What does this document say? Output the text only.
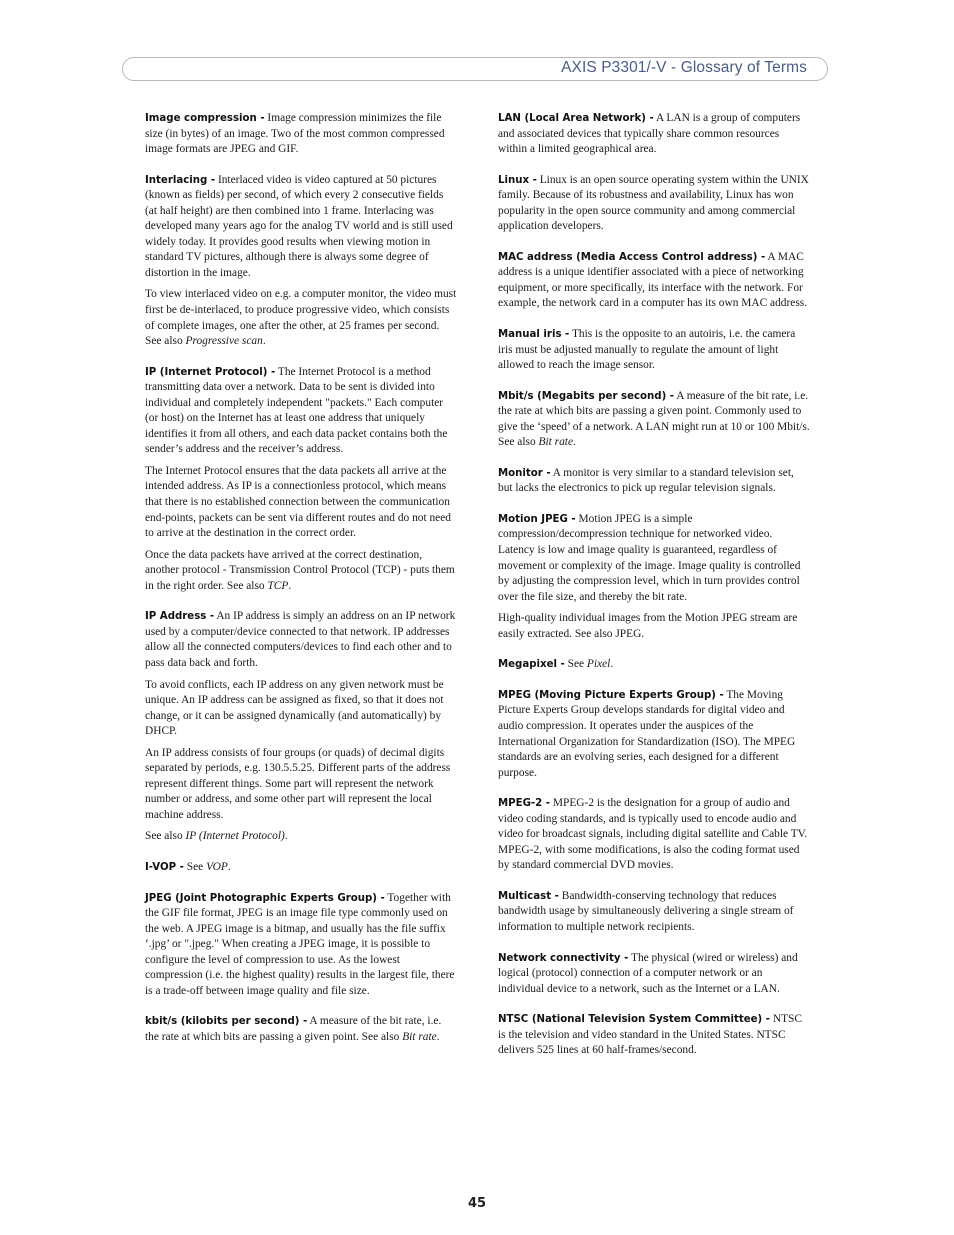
AXIS P3301/-V - Glossary of Terms

Image compression - Image compression minimizes the file size (in bytes) of an image. Two of the most common compressed image formats are JPEG and GIF.

Interlacing - Interlaced video is video captured at 50 pictures (known as fields) per second, of which every 2 consecutive fields (at half height) are then combined into 1 frame. Interlacing was developed many years ago for the analog TV world and is still used widely today. It provides good results when viewing motion in standard TV pictures, although there is always some degree of distortion in the image.

To view interlaced video on e.g. a computer monitor, the video must first be de-interlaced, to produce progressive video, which consists of complete images, one after the other, at 25 frames per second. See also Progressive scan.

IP (Internet Protocol) - The Internet Protocol is a method transmitting data over a network. Data to be sent is divided into individual and completely independent "packets." Each computer (or host) on the Internet has at least one address that uniquely identifies it from all others, and each data packet contains both the sender’s address and the receiver’s address.

The Internet Protocol ensures that the data packets all arrive at the intended address. As IP is a connectionless protocol, which means that there is no established connection between the communication end-points, packets can be sent via different routes and do not need to arrive at the destination in the correct order.

Once the data packets have arrived at the correct destination, another protocol - Transmission Control Protocol (TCP) - puts them in the right order. See also TCP.

IP Address - An IP address is simply an address on an IP network used by a computer/device connected to that network. IP addresses allow all the connected computers/devices to find each other and to pass data back and forth.

To avoid conflicts, each IP address on any given network must be unique. An IP address can be assigned as fixed, so that it does not change, or it can be assigned dynamically (and automatically) by DHCP.

An IP address consists of four groups (or quads) of decimal digits separated by periods, e.g. 130.5.5.25. Different parts of the address represent different things. Some part will represent the network number or address, and some other part will represent the local machine address.

See also IP (Internet Protocol).

I-VOP - See VOP.

JPEG (Joint Photographic Experts Group) - Together with the GIF file format, JPEG is an image file type commonly used on the web. A JPEG image is a bitmap, and usually has the file suffix ‘.jpg’ or ".jpeg." When creating a JPEG image, it is possible to configure the level of compression to use. As the lowest compression (i.e. the highest quality) results in the largest file, there is a trade-off between image quality and file size.

kbit/s (kilobits per second) - A measure of the bit rate, i.e. the rate at which bits are passing a given point. See also Bit rate.

LAN (Local Area Network) - A LAN is a group of computers and associated devices that typically share common resources within a limited geographical area.

Linux - Linux is an open source operating system within the UNIX family. Because of its robustness and availability, Linux has won popularity in the open source community and among commercial application developers.

MAC address (Media Access Control address) - A MAC address is a unique identifier associated with a piece of networking equipment, or more specifically, its interface with the network. For example, the network card in a computer has its own MAC address.

Manual iris - This is the opposite to an autoiris, i.e. the camera iris must be adjusted manually to regulate the amount of light allowed to reach the image sensor.

Mbit/s (Megabits per second) - A measure of the bit rate, i.e. the rate at which bits are passing a given point. Commonly used to give the ‘speed’ of a network. A LAN might run at 10 or 100 Mbit/s. See also Bit rate.

Monitor - A monitor is very similar to a standard television set, but lacks the electronics to pick up regular television signals.

Motion JPEG - Motion JPEG is a simple compression/decompression technique for networked video. Latency is low and image quality is guaranteed, regardless of movement or complexity of the image. Image quality is controlled by adjusting the compression level, which in turn provides control over the file size, and thereby the bit rate.

High-quality individual images from the Motion JPEG stream are easily extracted. See also JPEG.

Megapixel - See Pixel.

MPEG (Moving Picture Experts Group) - The Moving Picture Experts Group develops standards for digital video and audio compression. It operates under the auspices of the International Organization for Standardization (ISO). The MPEG standards are an evolving series, each designed for a different purpose.

MPEG-2 - MPEG-2 is the designation for a group of audio and video coding standards, and is typically used to encode audio and video for broadcast signals, including digital satellite and Cable TV. MPEG-2, with some modifications, is also the coding format used by standard commercial DVD movies.

Multicast - Bandwidth-conserving technology that reduces bandwidth usage by simultaneously delivering a single stream of information to multiple network recipients.

Network connectivity - The physical (wired or wireless) and logical (protocol) connection of a computer network or an individual device to a network, such as the Internet or a LAN.

NTSC (National Television System Committee) - NTSC is the television and video standard in the United States. NTSC delivers 525 lines at 60 half-frames/second.

45
